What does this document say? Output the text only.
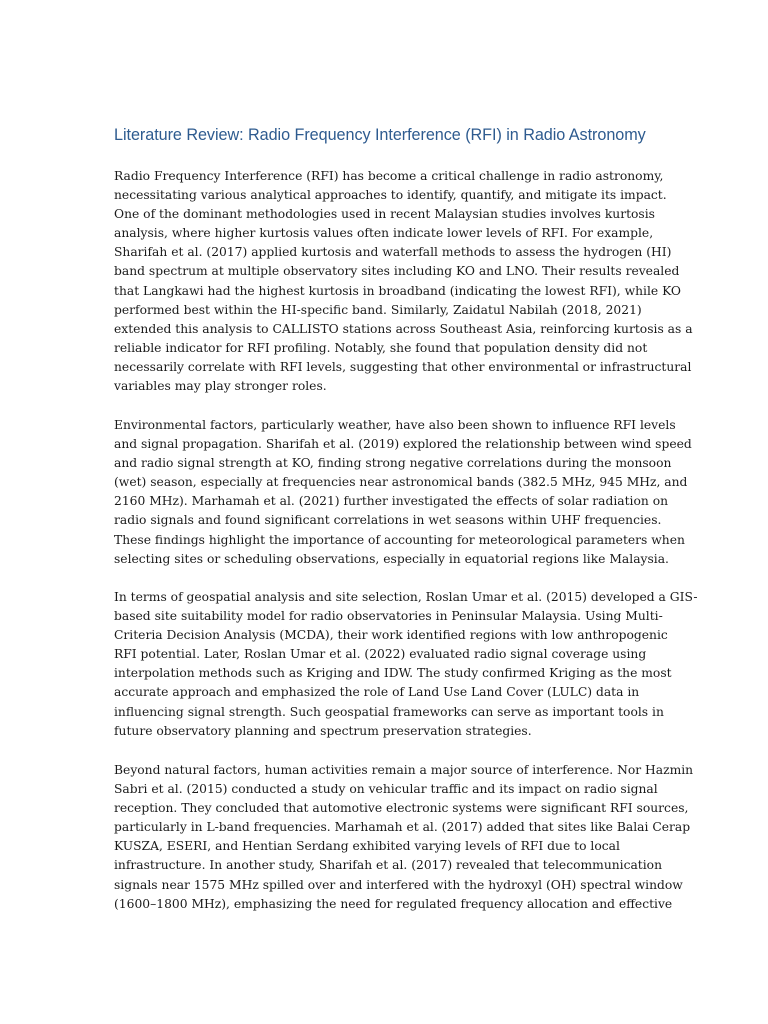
Literature Review: Radio Frequency Interference (RFI) in Radio Astronomy

Radio Frequency Interference (RFI) has become a critical challenge in radio astronomy,
necessitating various analytical approaches to identify, quantify, and mitigate its impact.
One of the dominant methodologies used in recent Malaysian studies involves kurtosis
analysis, where higher kurtosis values often indicate lower levels of RFI. For example,
Sharifah et al. (2017) applied kurtosis and waterfall methods to assess the hydrogen (HI)
band spectrum at multiple observatory sites including KO and LNO. Their results revealed
that Langkawi had the highest kurtosis in broadband (indicating the lowest RFI), while KO
performed best within the HI-specific band. Similarly, Zaidatul Nabilah (2018, 2021)
extended this analysis to CALLISTO stations across Southeast Asia, reinforcing kurtosis as a
reliable indicator for RFI profiling. Notably, she found that population density did not
necessarily correlate with RFI levels, suggesting that other environmental or infrastructural
variables may play stronger roles.

Environmental factors, particularly weather, have also been shown to influence RFI levels
and signal propagation. Sharifah et al. (2019) explored the relationship between wind speed
and radio signal strength at KO, finding strong negative correlations during the monsoon
(wet) season, especially at frequencies near astronomical bands (382.5 MHz, 945 MHz, and
2160 MHz). Marhamah et al. (2021) further investigated the effects of solar radiation on
radio signals and found significant correlations in wet seasons within UHF frequencies.
These findings highlight the importance of accounting for meteorological parameters when
selecting sites or scheduling observations, especially in equatorial regions like Malaysia.

In terms of geospatial analysis and site selection, Roslan Umar et al. (2015) developed a GIS-
based site suitability model for radio observatories in Peninsular Malaysia. Using Multi-
Criteria Decision Analysis (MCDA), their work identified regions with low anthropogenic
RFI potential. Later, Roslan Umar et al. (2022) evaluated radio signal coverage using
interpolation methods such as Kriging and IDW. The study confirmed Kriging as the most
accurate approach and emphasized the role of Land Use Land Cover (LULC) data in
influencing signal strength. Such geospatial frameworks can serve as important tools in
future observatory planning and spectrum preservation strategies.

Beyond natural factors, human activities remain a major source of interference. Nor Hazmin
Sabri et al. (2015) conducted a study on vehicular traffic and its impact on radio signal
reception. They concluded that automotive electronic systems were significant RFI sources,
particularly in L-band frequencies. Marhamah et al. (2017) added that sites like Balai Cerap
KUSZA, ESERI, and Hentian Serdang exhibited varying levels of RFI due to local
infrastructure. In another study, Sharifah et al. (2017) revealed that telecommunication
signals near 1575 MHz spilled over and interfered with the hydroxyl (OH) spectral window
(1600–1800 MHz), emphasizing the need for regulated frequency allocation and effective
